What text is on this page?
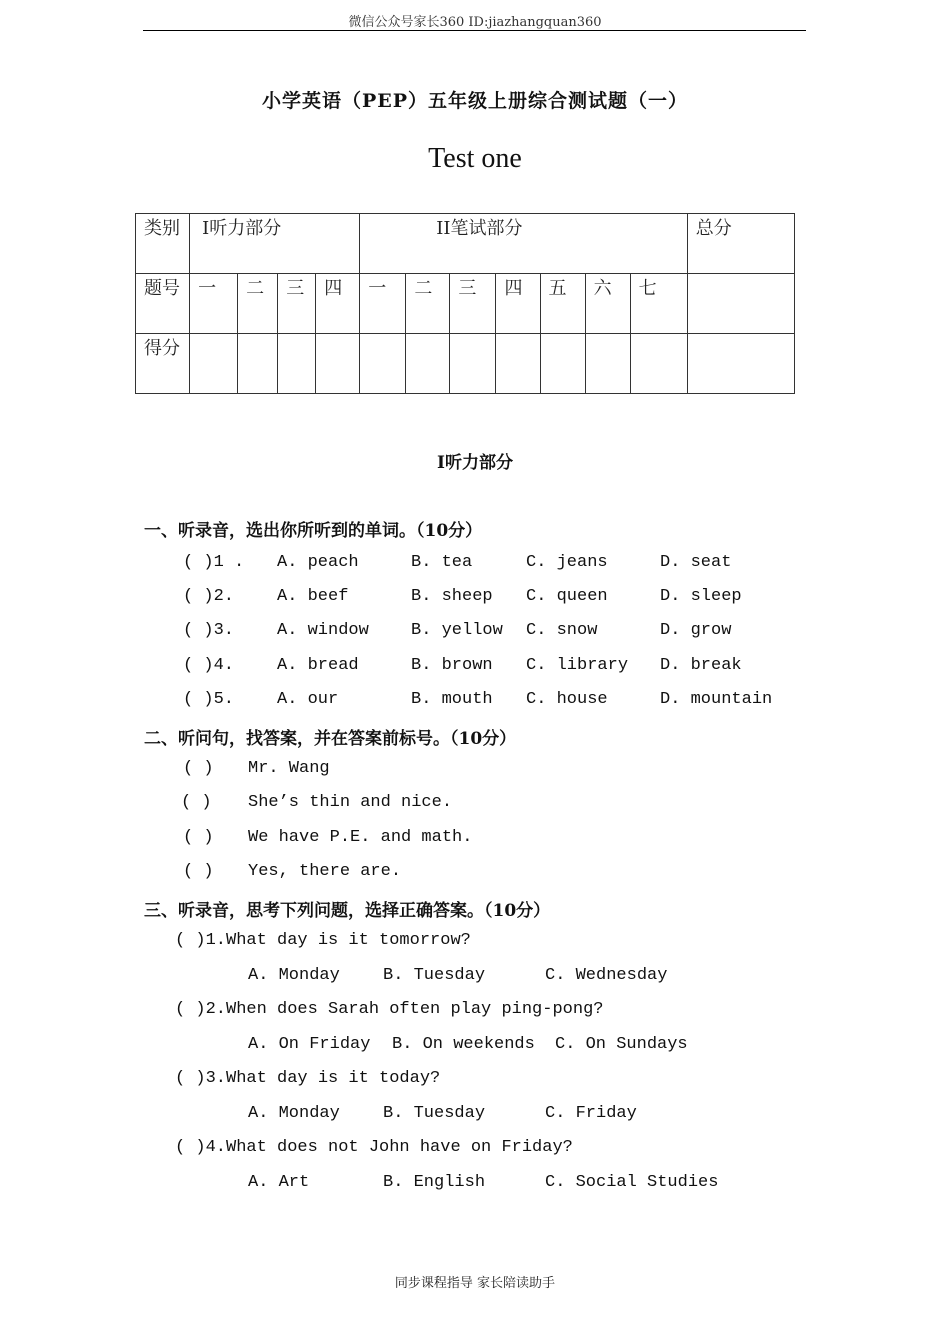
微信公众号家长360 ID:jiazhangquan360
小学英语（PEP）五年级上册综合测试题（一）
Test one
类别	I听力部分				II笔试部分							总分
题号	一	二	三	四	一	二	三	四	五	六	七	
得分												
I听力部分
一、听录音，选出你所听到的单词。（10分）
( )1 . A. peach	B. tea	C. jeans	D. seat
( )2.	A. beef	B. sheep C. queen	D. sleep
( )3.	A. window B. yellow C. snow	D. grow
( )4.	A. bread	B. brown C. library D. break
( )5.	A. our	B. mouth C. house	D. mountain
二、听问句，找答案，并在答案前标号。（10分）
( ) Mr. Wang
( ) She’s thin and nice.
( ) We have P.E. and math.
( ) Yes, there are.
三、听录音，思考下列问题，选择正确答案。（10分）
( )1.What day is it tomorrow?
A. Monday	B. Tuesday	C. Wednesday
( )2.When does Sarah often play ping-pong?
A. On Friday B. On weekends C. On Sundays
( )3.What day is it today?
A. Monday	B. Tuesday	C. Friday
( )4.What does not John have on Friday?
A. Art	B. English	C. Social Studies
同步课程指导 家长陪读助手
